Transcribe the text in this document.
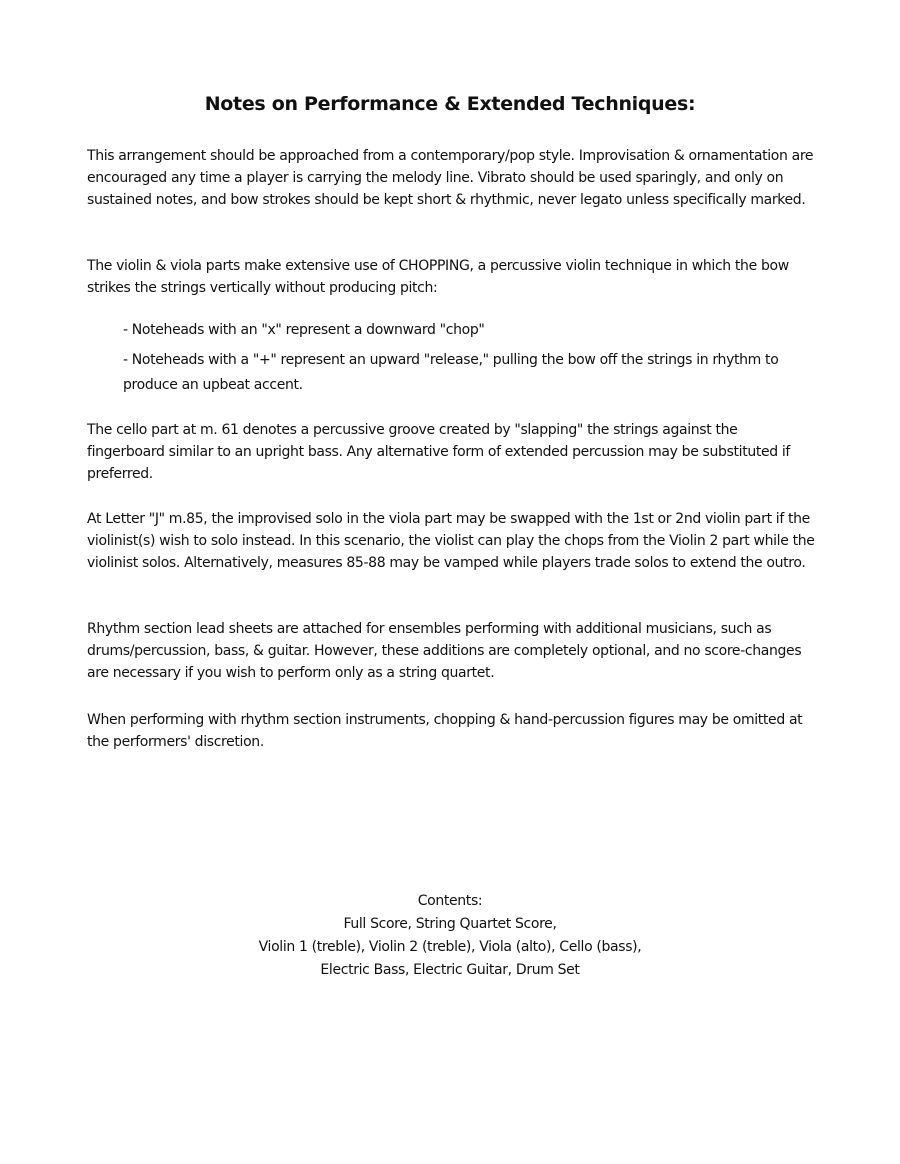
Notes on Performance & Extended Techniques:

This arrangement should be approached from a contemporary/pop style. Improvisation & ornamentation are encouraged any time a player is carrying the melody line. Vibrato should be used sparingly, and only on sustained notes, and bow strokes should be kept short & rhythmic, never legato unless specifically marked.

The violin & viola parts make extensive use of CHOPPING, a percussive violin technique in which the bow strikes the strings vertically without producing pitch:

- Noteheads with an "x" represent a downward "chop"

- Noteheads with a "+" represent an upward "release," pulling the bow off the strings in rhythm to produce an upbeat accent.

The cello part at m. 61 denotes a percussive groove created by "slapping" the strings against the fingerboard similar to an upright bass. Any alternative form of extended percussion may be substituted if preferred.

At Letter "J" m.85, the improvised solo in the viola part may be swapped with the 1st or 2nd violin part if the violinist(s) wish to solo instead. In this scenario, the violist can play the chops from the Violin 2 part while the violinist solos. Alternatively, measures 85-88 may be vamped while players trade solos to extend the outro.

Rhythm section lead sheets are attached for ensembles performing with additional musicians, such as drums/percussion, bass, & guitar. However, these additions are completely optional, and no score-changes are necessary if you wish to perform only as a string quartet.

When performing with rhythm section instruments, chopping & hand-percussion figures may be omitted at the performers' discretion.

Contents:
Full Score, String Quartet Score,
Violin 1 (treble), Violin 2 (treble), Viola (alto), Cello (bass),
Electric Bass, Electric Guitar, Drum Set
